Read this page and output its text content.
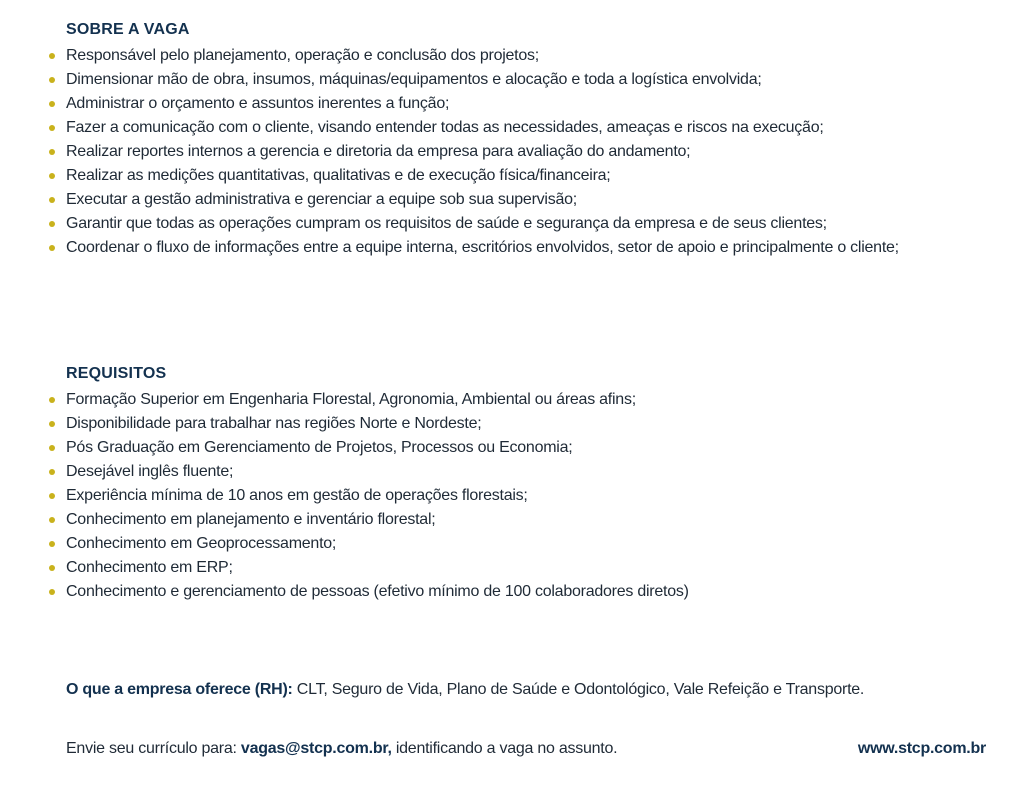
SOBRE A VAGA
Responsável pelo planejamento, operação e conclusão dos projetos;
Dimensionar mão de obra, insumos, máquinas/equipamentos e alocação e toda a logística envolvida;
Administrar o orçamento e assuntos inerentes a função;
Fazer a comunicação com o cliente, visando entender todas as necessidades, ameaças e riscos na execução;
Realizar reportes internos a gerencia e diretoria da empresa para avaliação do andamento;
Realizar as medições quantitativas, qualitativas e de execução física/financeira;
Executar a gestão administrativa e gerenciar a equipe sob sua supervisão;
Garantir que todas as operações cumpram os requisitos de saúde e segurança da empresa e de seus clientes;
Coordenar o fluxo de informações entre a equipe interna, escritórios envolvidos, setor de apoio e principalmente o cliente;
REQUISITOS
Formação Superior em Engenharia Florestal, Agronomia, Ambiental ou áreas afins;
Disponibilidade para trabalhar nas regiões Norte e Nordeste;
Pós Graduação em Gerenciamento de Projetos, Processos ou Economia;
Desejável inglês fluente;
Experiência mínima de 10 anos em gestão de operações florestais;
Conhecimento em planejamento e inventário florestal;
Conhecimento em Geoprocessamento;
Conhecimento em ERP;
Conhecimento e gerenciamento de pessoas (efetivo mínimo de 100 colaboradores diretos)
O que a empresa oferece (RH): CLT, Seguro de Vida, Plano de Saúde e Odontológico, Vale Refeição e Transporte.
Envie seu currículo para: vagas@stcp.com.br, identificando a vaga no assunto.	www.stcp.com.br
